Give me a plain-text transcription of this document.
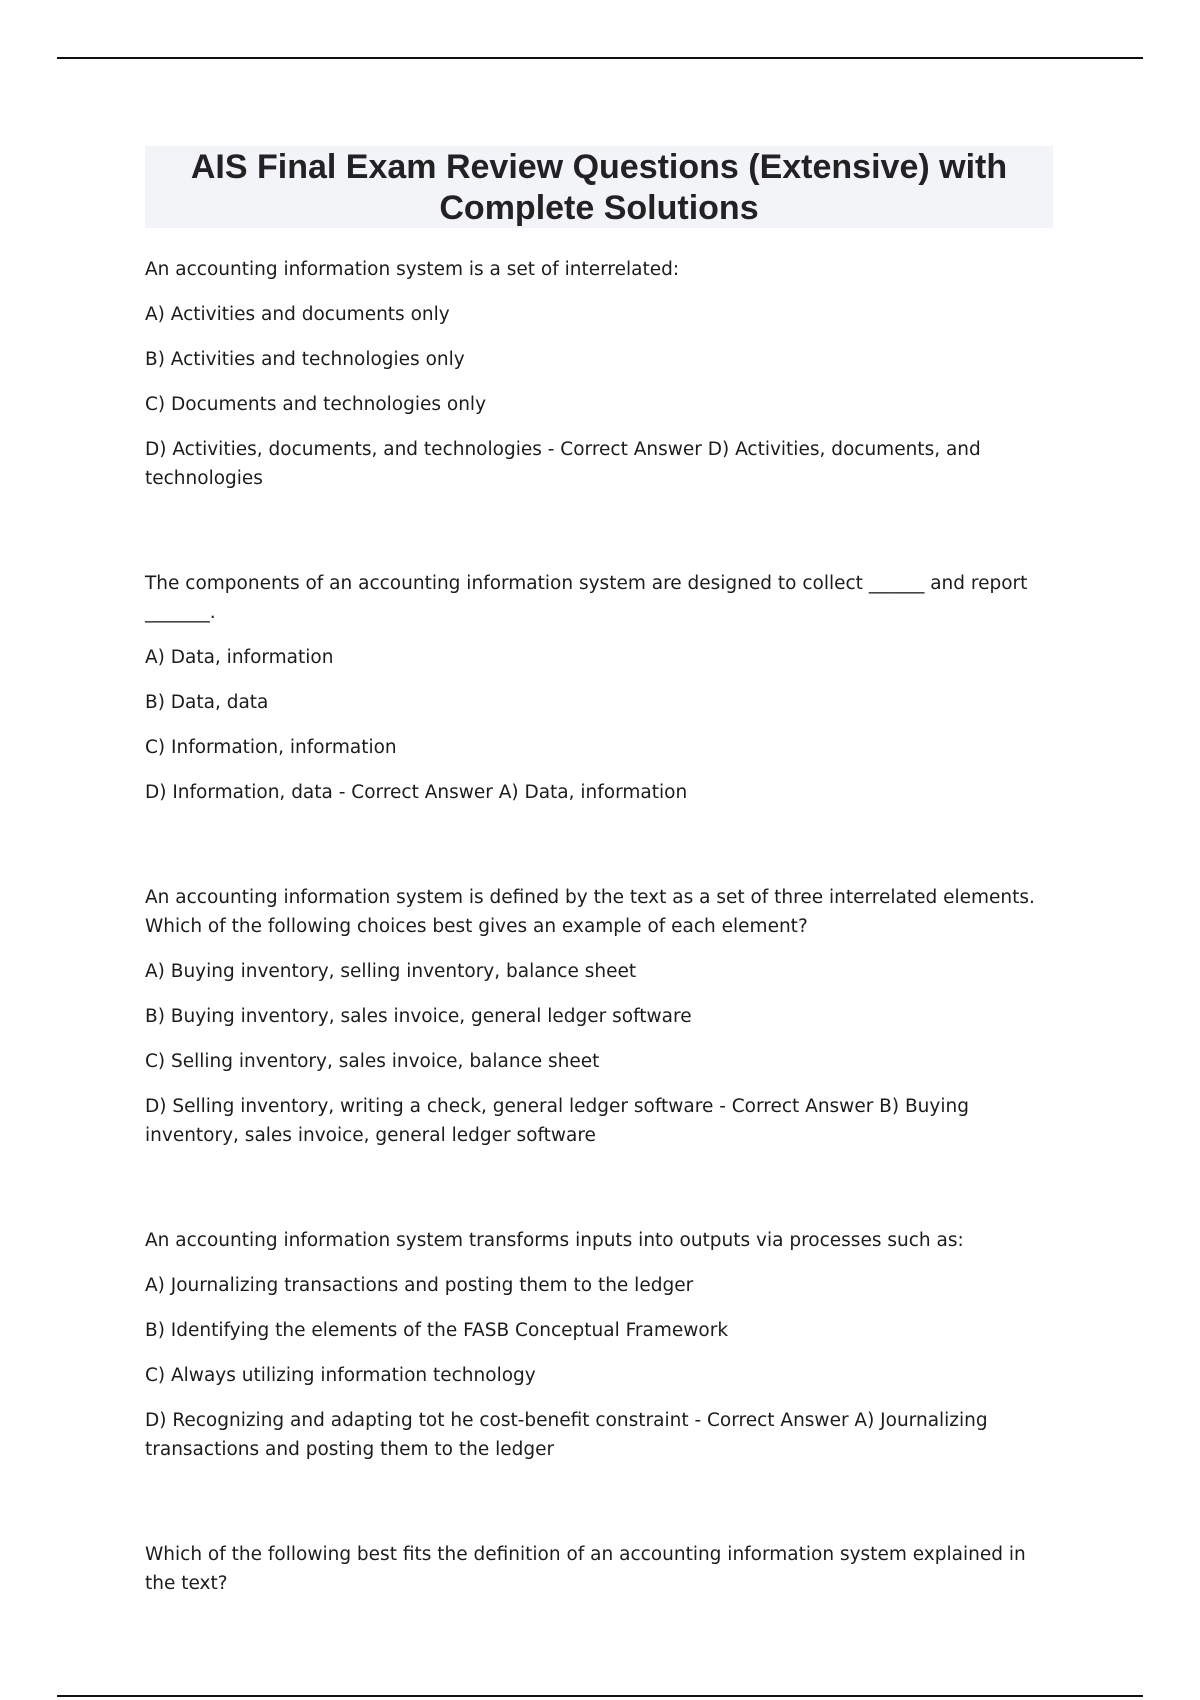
AIS Final Exam Review Questions (Extensive) with
Complete Solutions

An accounting information system is a set of interrelated:

A) Activities and documents only

B) Activities and technologies only

C) Documents and technologies only

D) Activities, documents, and technologies - Correct Answer D) Activities, documents, and technologies

The components of an accounting information system are designed to collect ______ and report _______.

A) Data, information

B) Data, data

C) Information, information

D) Information, data - Correct Answer A) Data, information

An accounting information system is defined by the text as a set of three interrelated elements. Which of the following choices best gives an example of each element?

A) Buying inventory, selling inventory, balance sheet

B) Buying inventory, sales invoice, general ledger software

C) Selling inventory, sales invoice, balance sheet

D) Selling inventory, writing a check, general ledger software - Correct Answer B) Buying inventory, sales invoice, general ledger software

An accounting information system transforms inputs into outputs via processes such as:

A) Journalizing transactions and posting them to the ledger

B) Identifying the elements of the FASB Conceptual Framework

C) Always utilizing information technology

D) Recognizing and adapting tot he cost-benefit constraint - Correct Answer A) Journalizing transactions and posting them to the ledger

Which of the following best fits the definition of an accounting information system explained in the text?
